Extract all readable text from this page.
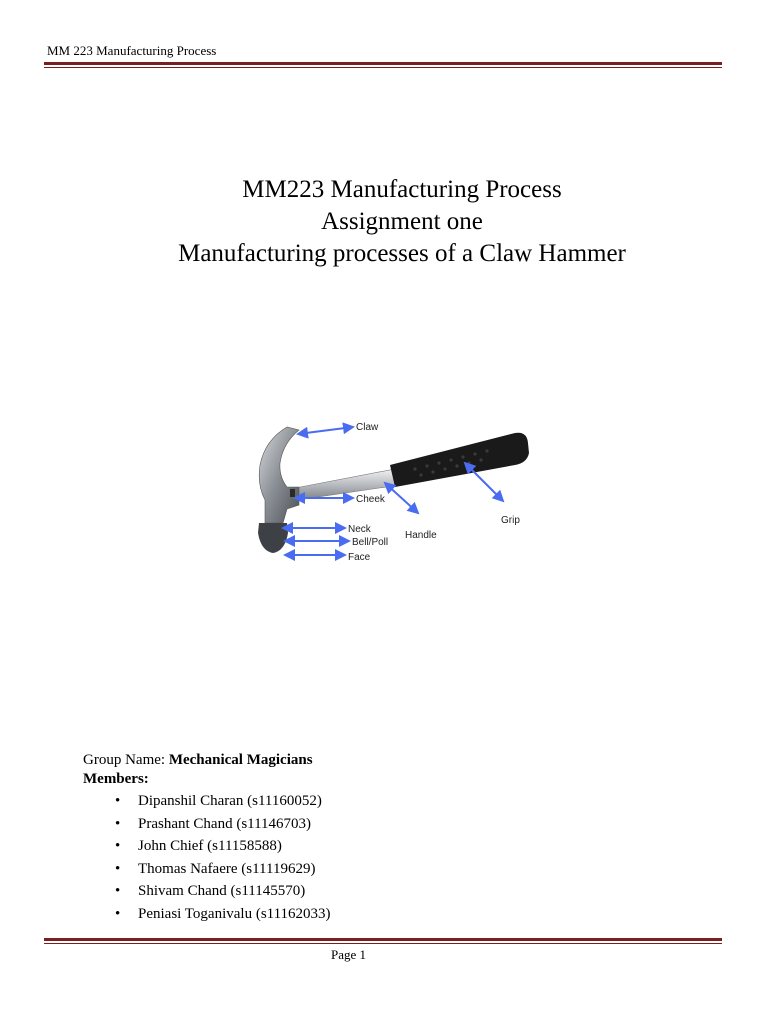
MM 223 Manufacturing Process
MM223 Manufacturing Process
Assignment one
Manufacturing processes of a Claw Hammer
Claw
Cheek
Neck
Bell/Poll
Face
Handle
Grip
Group Name: Mechanical Magicians
Members:
• Dipanshil Charan (s11160052)
• Prashant Chand (s11146703)
• John Chief (s11158588)
• Thomas Nafaere (s11119629)
• Shivam Chand (s11145570)
• Peniasi Toganivalu (s11162033)
Page 1
